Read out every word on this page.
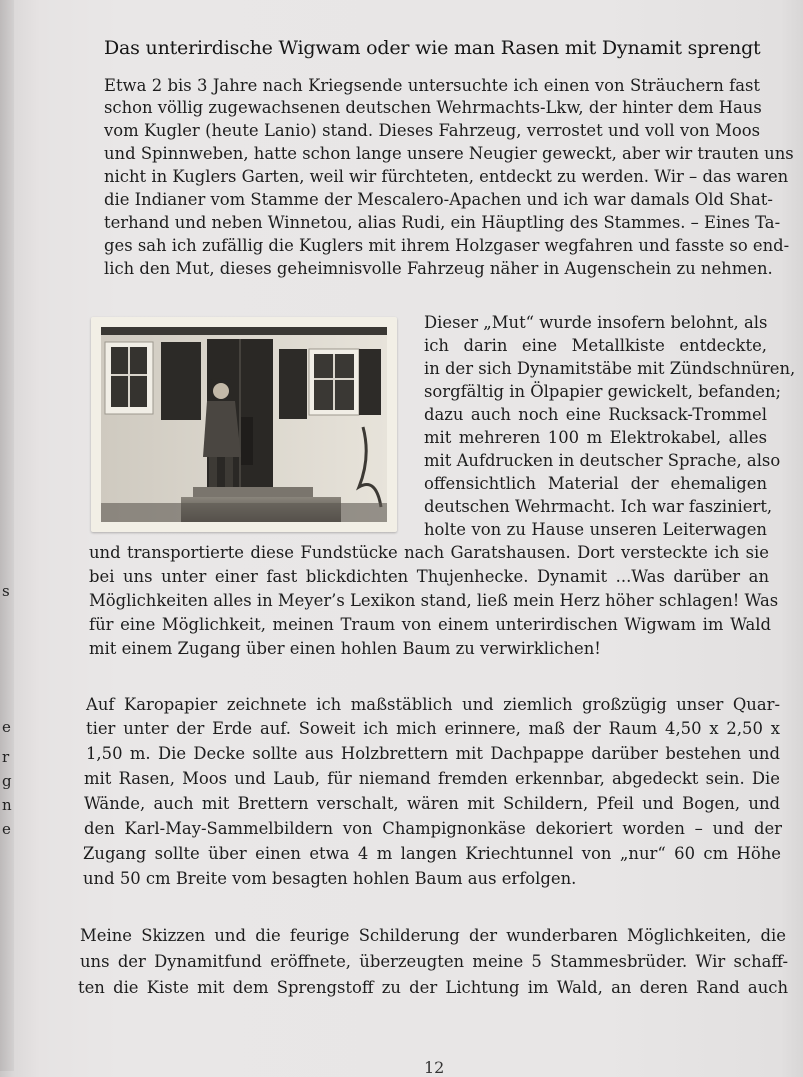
s
e
r
g
n
e
Das unterirdische Wigwam oder wie man Rasen mit Dynamit sprengt
Etwa 2 bis 3 Jahre nach Kriegsende untersuchte ich einen von Sträuchern fast
schon völlig zugewachsenen deutschen Wehrmachts-Lkw, der hinter dem Haus
vom Kugler (heute Lanio) stand. Dieses Fahrzeug, verrostet und voll von Moos
und Spinnweben, hatte schon lange unsere Neugier geweckt, aber wir trauten uns
nicht in Kuglers Garten, weil wir fürchteten, entdeckt zu werden. Wir – das waren
die Indianer vom Stamme der Mescalero-Apachen und ich war damals Old Shat-
terhand und neben Winnetou, alias Rudi, ein Häuptling des Stammes. – Eines Ta-
ges sah ich zufällig die Kuglers mit ihrem Holzgaser wegfahren und fasste so end-
lich den Mut, dieses geheimnisvolle Fahrzeug näher in Augenschein zu nehmen.
Dieser „Mut“ wurde insofern belohnt, als
ich darin eine Metallkiste entdeckte,
in der sich Dynamitstäbe mit Zündschnüren,
sorgfältig in Ölpapier gewickelt, befanden;
dazu auch noch eine Rucksack-Trommel
mit mehreren 100 m Elektrokabel, alles
mit Aufdrucken in deutscher Sprache, also
offensichtlich Material der ehemaligen
deutschen Wehrmacht. Ich war fasziniert,
holte von zu Hause unseren Leiterwagen
und transportierte diese Fundstücke nach Garatshausen. Dort versteckte ich sie
bei uns unter einer fast blickdichten Thujenhecke. Dynamit ...Was darüber an
Möglichkeiten alles in Meyer’s Lexikon stand, ließ mein Herz höher schlagen! Was
für eine Möglichkeit, meinen Traum von einem unterirdischen Wigwam im Wald
mit einem Zugang über einen hohlen Baum zu verwirklichen!
Auf Karopapier zeichnete ich maßstäblich und ziemlich großzügig unser Quar-
tier unter der Erde auf. Soweit ich mich erinnere, maß der Raum 4,50 x 2,50 x
1,50 m. Die Decke sollte aus Holzbrettern mit Dachpappe darüber bestehen und
mit Rasen, Moos und Laub, für niemand fremden erkennbar, abgedeckt sein. Die
Wände, auch mit Brettern verschalt, wären mit Schildern, Pfeil und Bogen, und
den Karl-May-Sammelbildern von Champignonkäse dekoriert worden – und der
Zugang sollte über einen etwa 4 m langen Kriechtunnel von „nur“ 60 cm Höhe
und 50 cm Breite vom besagten hohlen Baum aus erfolgen.
Meine Skizzen und die feurige Schilderung der wunderbaren Möglichkeiten, die
uns der Dynamitfund eröffnete, überzeugten meine 5 Stammesbrüder. Wir schaff-
ten die Kiste mit dem Sprengstoff zu der Lichtung im Wald, an deren Rand auch
12
